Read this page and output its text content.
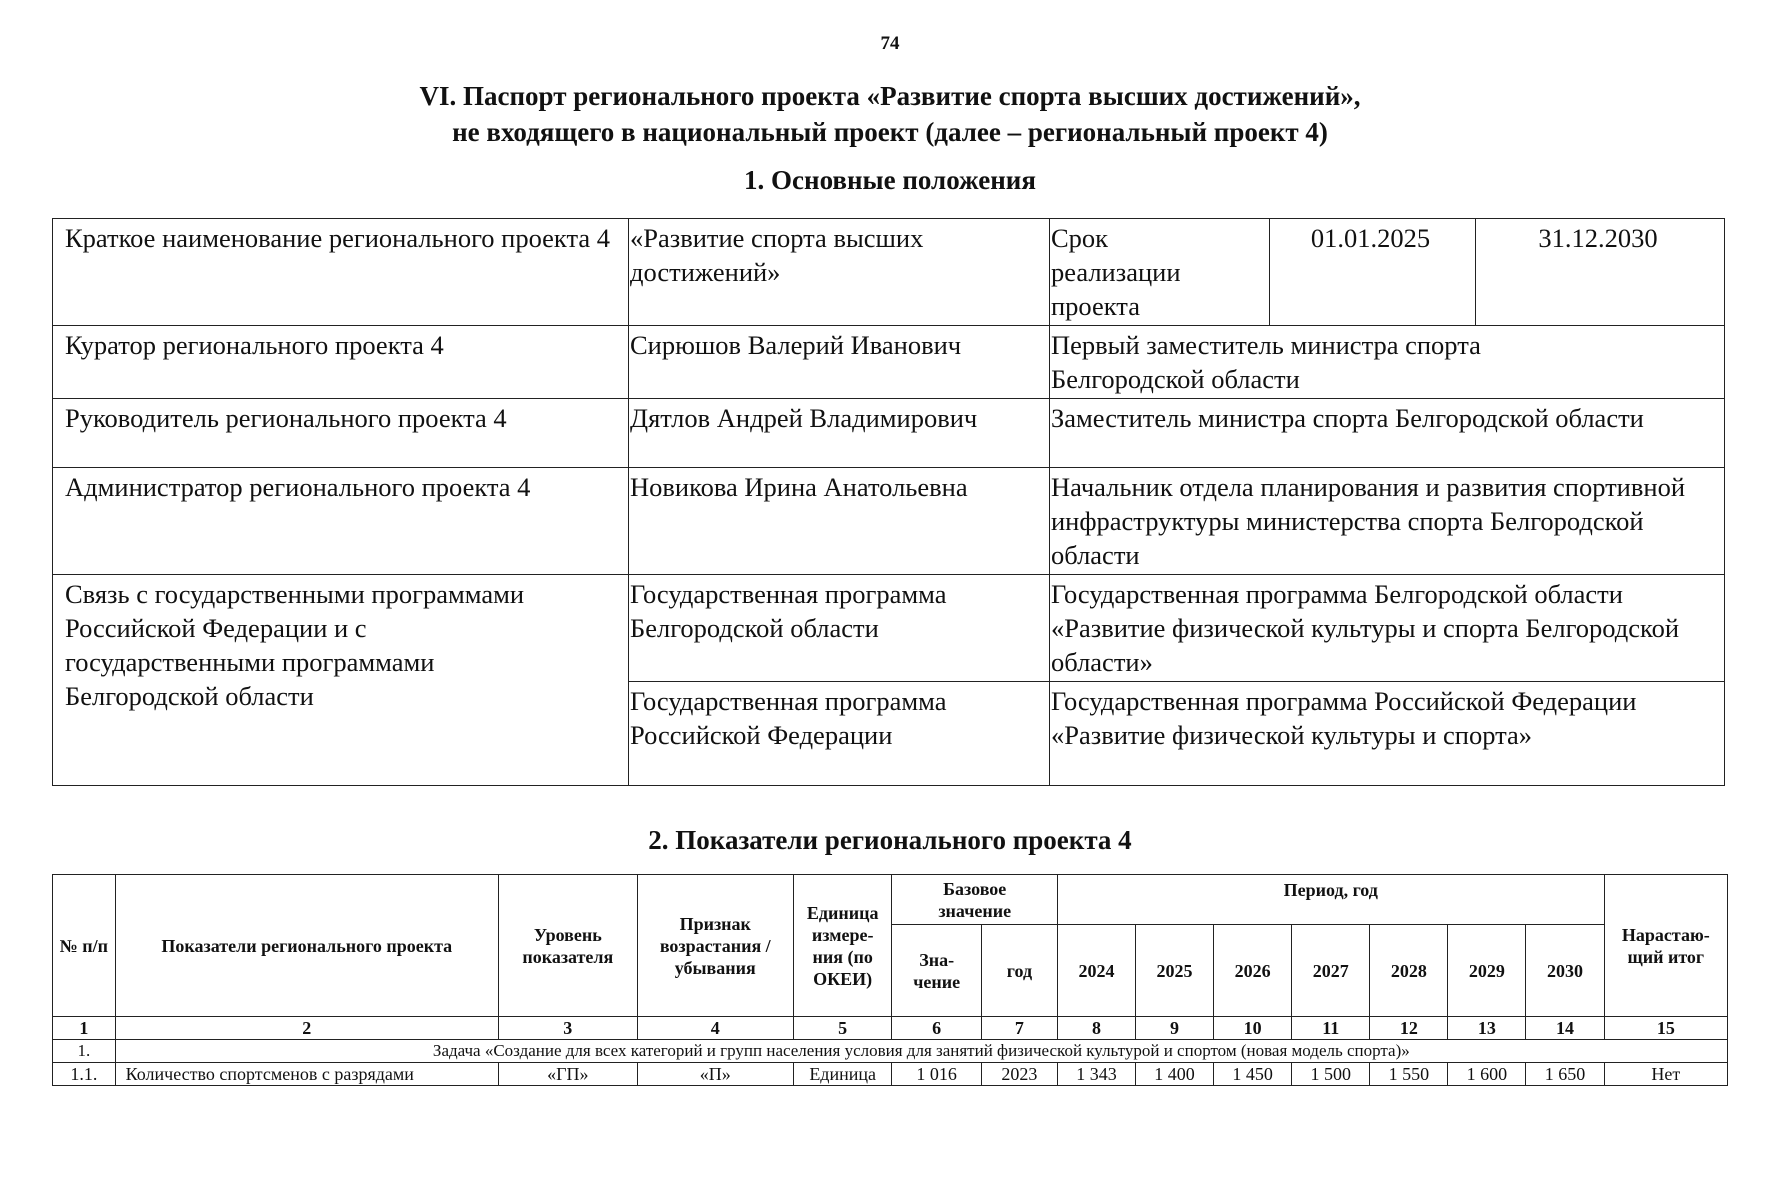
74
VI. Паспорт регионального проекта «Развитие спорта высших достижений»,
не входящего в национальный проект (далее – региональный проект 4)
1. Основные положения
Краткое наименование регионального проекта 4	«Развитие спорта высших достижений»	Срок реализации проекта	01.01.2025	31.12.2030
Куратор регионального проекта 4	Сирюшов Валерий Иванович	Первый заместитель министра спорта Белгородской области		
Руководитель регионального проекта 4	Дятлов Андрей Владимирович	Заместитель министра спорта Белгородской области		
Администратор регионального проекта 4	Новикова Ирина Анатольевна	Начальник отдела планирования и развития спортивной инфраструктуры министерства спорта Белгородской области		
Связь с государственными программами Российской Федерации и с государственными программами Белгородской области	Государственная программа Белгородской области	Государственная программа Белгородской области «Развитие физической культуры и спорта Белгородской области»		
	Государственная программа Российской Федерации	Государственная программа Российской Федерации «Развитие физической культуры и спорта»		
2. Показатели регионального проекта 4
№ п/п	Показатели регионального проекта	Уровень показателя	Признак возрастания / убывания	Единица измере-ния (по ОКЕИ)	Базовое значение		Период, год							Нарастаю-щий итог
					Зна-чение	год	2024	2025	2026	2027	2028	2029	2030	
1	2	3	4	5	6	7	8	9	10	11	12	13	14	15
1.	Задача «Создание для всех категорий и групп населения условия для занятий физической культурой и спортом (новая модель спорта)»													
1.1.	Количество спортсменов с разрядами	«ГП»	«П»	Единица	1 016	2023	1 343	1 400	1 450	1 500	1 550	1 600	1 650	Нет
